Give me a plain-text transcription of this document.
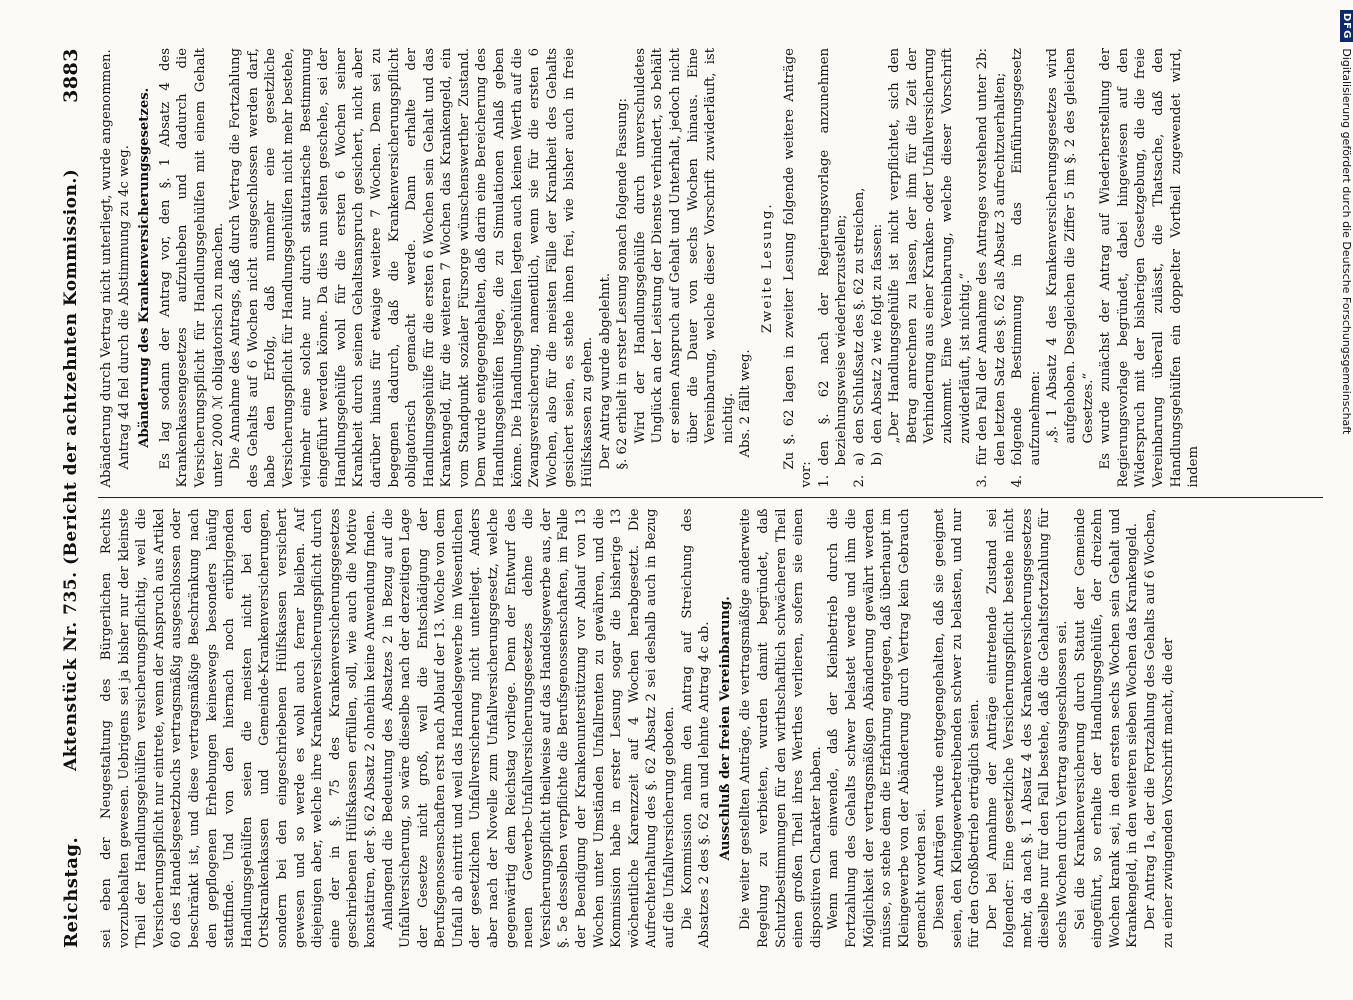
Reichstag.
Aktenstück Nr. 735. (Bericht der achtzehnten Kommission.)
3883

sei eben der Neugestaltung des Bürgerlichen Rechts vorzubehalten gewesen. Uebrigens sei ja bisher nur der kleinste Theil der Handlungsgehülfen versicherungspflichtig, weil die Versicherungspflicht nur eintrete, wenn der Anspruch aus Artikel 60 des Handelsgesetzbuchs vertragsmäßig ausgeschlossen oder beschränkt ist, und diese vertragsmäßige Beschränkung nach den gepflogenen Erhebungen keineswegs besonders häufig stattfinde. Und von den hiernach noch erübrigenden Handlungsgehülfen seien die meisten nicht bei den Ortskrankenkassen und Gemeinde-Krankenversicherungen, sondern bei den eingeschriebenen Hülfskassen versichert gewesen und so werde es wohl auch ferner bleiben. Auf diejenigen aber, welche ihre Krankenversicherungspflicht durch eine der in §. 75 des Krankenversicherungsgesetzes geschriebenen Hülfskassen erfüllen, soll, wie auch die Motive konstatiren, der §. 62 Absatz 2 ohnehin keine Anwendung finden. Anlangend die Bedeutung des Absatzes 2 in Bezug auf die Unfallversicherung, so wäre dieselbe nach der derzeitigen Lage der Gesetze nicht groß, weil die Entschädigung der Berufsgenossenschaften erst nach Ablauf der 13. Woche von dem Unfall ab eintritt und weil das Handelsgewerbe im Wesentlichen der gesetzlichen Unfallversicherung nicht unterliegt. Anders aber nach der Novelle zum Unfallversicherungsgesetz, welche gegenwärtig dem Reichstag vorliege. Denn der Entwurf des neuen Gewerbe-Unfallversicherungsgesetzes dehne die Versicherungspflicht theilweise auf das Handelsgewerbe aus, der §. 5e desselben verpflichte die Berufsgenossenschaften, im Falle der Beendigung der Krankenunterstützung vor Ablauf von 13 Wochen unter Umständen Unfallrenten zu gewähren, und die Kommission habe in erster Lesung sogar die bisherige 13 wöchentliche Karenzzeit auf 4 Wochen herabgesetzt. Die Aufrechterhaltung des §. 62 Absatz 2 sei deshalb auch in Bezug auf die Unfallversicherung geboten. Die Kommission nahm den Antrag auf Streichung des Absatzes 2 des §. 62 an und lehnte Antrag 4c ab. Ausschluß der freien Vereinbarung. Die weiter gestellten Anträge, die vertragsmäßige anderweite Regelung zu verbieten, wurden damit begründet, daß Schutzbestimmungen für den wirthschaftlich schwächeren Theil einen großen Theil ihres Werthes verlieren, sofern sie einen dispositiven Charakter haben. Wenn man einwende, daß der Kleinbetrieb durch die Fortzahlung des Gehalts schwer belastet werde und ihm die Möglichkeit der vertragsmäßigen Abänderung gewährt werden müsse, so stehe dem die Erfahrung entgegen, daß überhaupt im Kleingewerbe von der Abänderung durch Vertrag kein Gebrauch gemacht worden sei. Diesen Anträgen wurde entgegengehalten, daß sie geeignet seien, den Kleingewerbetreibenden schwer zu belasten, und nur für den Großbetrieb erträglich seien. Der bei Annahme der Anträge eintretende Zustand sei folgender: Eine gesetzliche Versicherungspflicht bestehe nicht mehr, da nach §. 1 Absatz 4 des Krankenversicherungsgesetzes dieselbe nur für den Fall bestehe, daß die Gehaltsfortzahlung für sechs Wochen durch Vertrag ausgeschlossen sei. Sei die Krankenversicherung durch Statut der Gemeinde eingeführt, so erhalte der Handlungsgehülfe, der dreizehn Wochen krank sei, in den ersten sechs Wochen sein Gehalt und Krankengeld, in den weiteren sieben Wochen das Krankengeld. Der Antrag 1a, der die Fortzahlung des Gehalts auf 6 Wochen, zu einer zwingenden Vorschrift macht, die der

Abänderung durch Vertrag nicht unterliegt, wurde angenommen. Antrag 4d fiel durch die Abstimmung zu 4c weg. Abänderung des Krankenversicherungsgesetzes. Es lag sodann der Antrag vor, den §. 1 Absatz 4 des Krankenkassengesetzes aufzuheben und dadurch die Versicherungspflicht für Handlungsgehülfen mit einem Gehalt unter 2000 ℳ obligatorisch zu machen. Die Annahme des Antrags, daß durch Vertrag die Fortzahlung des Gehalts auf 6 Wochen nicht ausgeschlossen werden darf, habe den Erfolg, daß nunmehr eine gesetzliche Versicherungspflicht für Handlungsgehülfen nicht mehr bestehe, vielmehr eine solche nur durch statutarische Bestimmung eingeführt werden könne. Da dies nun selten geschehe, sei der Handlungsgehülfe wohl für die ersten 6 Wochen seiner Krankheit durch seinen Gehaltsanspruch gesichert, nicht aber darüber hinaus für etwaige weitere 7 Wochen. Dem sei zu begegnen dadurch, daß die Krankenversicherungspflicht obligatorisch gemacht werde. Dann erhalte der Handlungsgehülfe für die ersten 6 Wochen sein Gehalt und das Krankengeld, für die weiteren 7 Wochen das Krankengeld, ein vom Standpunkt sozialer Fürsorge wünschenswerther Zustand. Dem wurde entgegengehalten, daß darin eine Bereicherung des Handlungsgehülfen liege, die zu Simulationen Anlaß geben könne. Die Handlungsgehülfen legten auch keinen Werth auf die Zwangsversicherung, namentlich, wenn sie für die ersten 6 Wochen, also für die meisten Fälle der Krankheit des Gehalts gesichert seien, es stehe ihnen frei, wie bisher auch in freie Hülfskassen zu gehen. Der Antrag wurde abgelehnt. §. 62 erhielt in erster Lesung sonach folgende Fassung: Wird der Handlungsgehülfe durch unverschuldetes Unglück an der Leistung der Dienste verhindert, so behält er seinen Anspruch auf Gehalt und Unterhalt, jedoch nicht über die Dauer von sechs Wochen hinaus. Eine Vereinbarung, welche dieser Vorschrift zuwiderläuft, ist nichtig. Abs. 2 fällt weg.

Zweite Lesung. Zu §. 62 lagen in zweiter Lesung folgende weitere Anträge vor: 1.
den §. 62 nach der Regierungsvorlage anzunehmen beziehungsweise wiederherzustellen;

2.

a)
den Schlußsatz des §. 62 zu streichen,

b)
den Absatz 2 wie folgt zu fassen: „Der Handlungsgehülfe ist nicht verpflichtet, sich den Betrag anrechnen zu lassen, der ihm für die Zeit der Verhinderung aus einer Kranken- oder Unfallversicherung zukommt. Eine Vereinbarung, welche dieser Vorschrift zuwiderläuft, ist nichtig.“

3.
für den Fall der Annahme des Antrages vorstehend unter 2b: den letzten Satz des §. 62 als Absatz 3 aufrechtzuerhalten;

4.
folgende Bestimmung in das Einführungsgesetz aufzunehmen: „§. 1 Absatz 4 des Krankenversicherungsgesetzes wird aufgehoben. Desgleichen die Ziffer 5 im §. 2 des gleichen Gesetzes.“ Es wurde zunächst der Antrag auf Wiederherstellung der Regierungsvorlage begründet, dabei hingewiesen auf den Widerspruch mit der bisherigen Gesetzgebung, die die freie Vereinbarung überall zulässt, die Thatsache, daß den Handlungsgehülfen ein doppelter Vortheil zugewendet wird, indem

DFG
Digitalisierung gefördert durch die Deutsche Forschungsgemeinschaft
